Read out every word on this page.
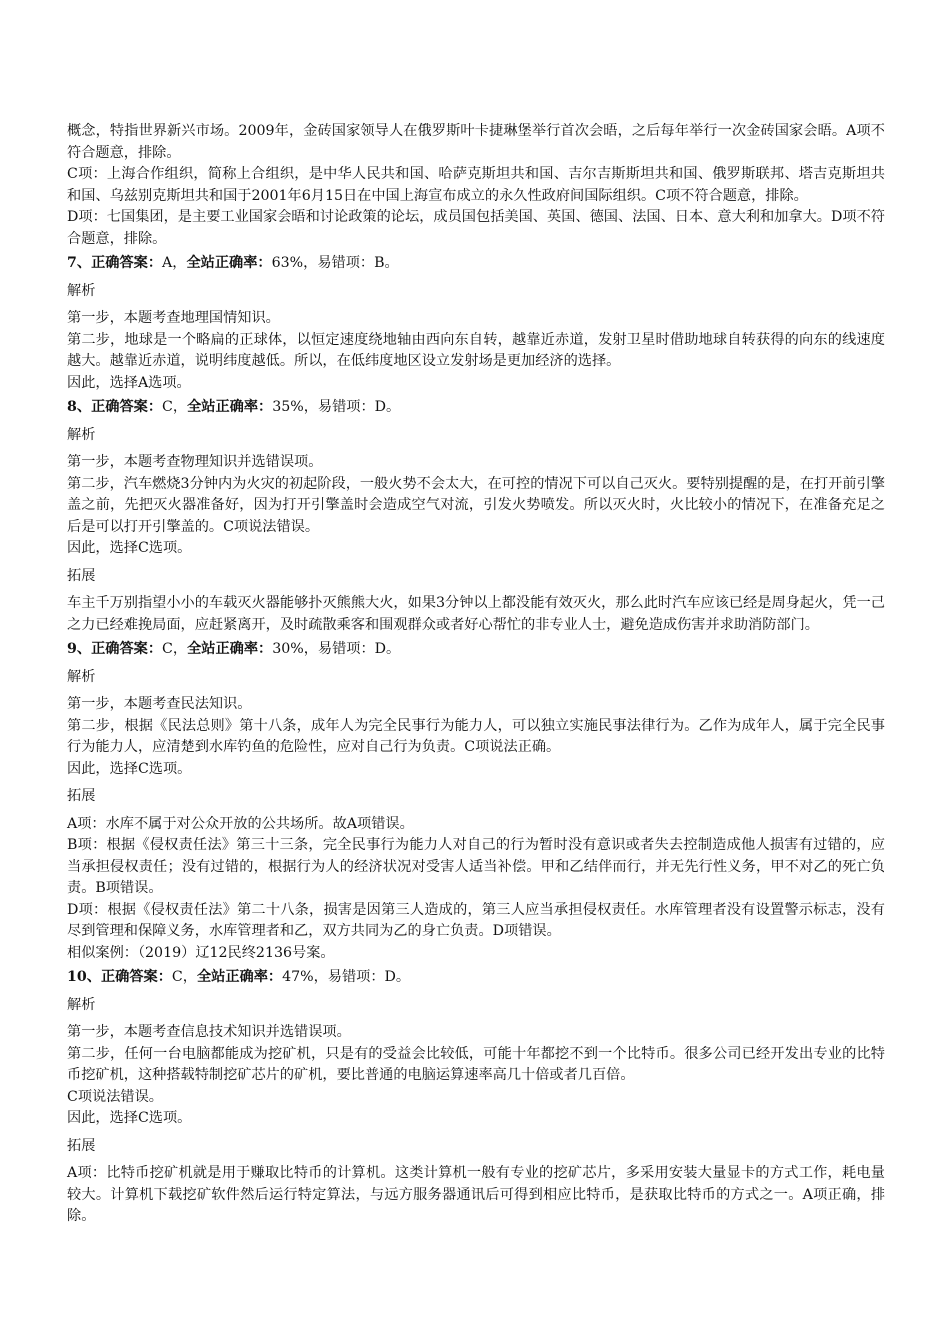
概念，特指世界新兴市场。2009年，金砖国家领导人在俄罗斯叶卡捷琳堡举行首次会晤，之后每年举行一次金砖国家会晤。A项不符合题意，排除。

C项：上海合作组织，简称上合组织，是中华人民共和国、哈萨克斯坦共和国、吉尔吉斯斯坦共和国、俄罗斯联邦、塔吉克斯坦共和国、乌兹别克斯坦共和国于2001年6月15日在中国上海宣布成立的永久性政府间国际组织。C项不符合题意，排除。

D项：七国集团，是主要工业国家会晤和讨论政策的论坛，成员国包括美国、英国、德国、法国、日本、意大利和加拿大。D项不符合题意，排除。

7、正确答案：A，全站正确率：63%，易错项：B。

解析

第一步，本题考查地理国情知识。

第二步，地球是一个略扁的正球体，以恒定速度绕地轴由西向东自转，越靠近赤道，发射卫星时借助地球自转获得的向东的线速度越大。越靠近赤道，说明纬度越低。所以，在低纬度地区设立发射场是更加经济的选择。

因此，选择A选项。

8、正确答案：C，全站正确率：35%，易错项：D。

解析

第一步，本题考查物理知识并选错误项。

第二步，汽车燃烧3分钟内为火灾的初起阶段，一般火势不会太大，在可控的情况下可以自己灭火。要特别提醒的是，在打开前引擎盖之前，先把灭火器准备好，因为打开引擎盖时会造成空气对流，引发火势喷发。所以灭火时，火比较小的情况下，在准备充足之后是可以打开引擎盖的。C项说法错误。

因此，选择C选项。

拓展

车主千万别指望小小的车载灭火器能够扑灭熊熊大火，如果3分钟以上都没能有效灭火，那么此时汽车应该已经是周身起火，凭一己之力已经难挽局面，应赶紧离开，及时疏散乘客和围观群众或者好心帮忙的非专业人士，避免造成伤害并求助消防部门。

9、正确答案：C，全站正确率：30%，易错项：D。

解析

第一步，本题考查民法知识。

第二步，根据《民法总则》第十八条，成年人为完全民事行为能力人，可以独立实施民事法律行为。乙作为成年人，属于完全民事行为能力人，应清楚到水库钓鱼的危险性，应对自己行为负责。C项说法正确。

因此，选择C选项。

拓展

A项：水库不属于对公众开放的公共场所。故A项错误。

B项：根据《侵权责任法》第三十三条，完全民事行为能力人对自己的行为暂时没有意识或者失去控制造成他人损害有过错的，应当承担侵权责任；没有过错的，根据行为人的经济状况对受害人适当补偿。甲和乙结伴而行，并无先行性义务，甲不对乙的死亡负责。B项错误。

D项：根据《侵权责任法》第二十八条，损害是因第三人造成的，第三人应当承担侵权责任。水库管理者没有设置警示标志，没有尽到管理和保障义务，水库管理者和乙，双方共同为乙的身亡负责。D项错误。

相似案例：（2019）辽12民终2136号案。

10、正确答案：C，全站正确率：47%，易错项：D。

解析

第一步，本题考查信息技术知识并选错误项。

第二步，任何一台电脑都能成为挖矿机，只是有的受益会比较低，可能十年都挖不到一个比特币。很多公司已经开发出专业的比特币挖矿机，这种搭载特制挖矿芯片的矿机，要比普通的电脑运算速率高几十倍或者几百倍。

C项说法错误。

因此，选择C选项。

拓展

A项：比特币挖矿机就是用于赚取比特币的计算机。这类计算机一般有专业的挖矿芯片，多采用安装大量显卡的方式工作，耗电量较大。计算机下载挖矿软件然后运行特定算法，与远方服务器通讯后可得到相应比特币，是获取比特币的方式之一。A项正确，排除。
